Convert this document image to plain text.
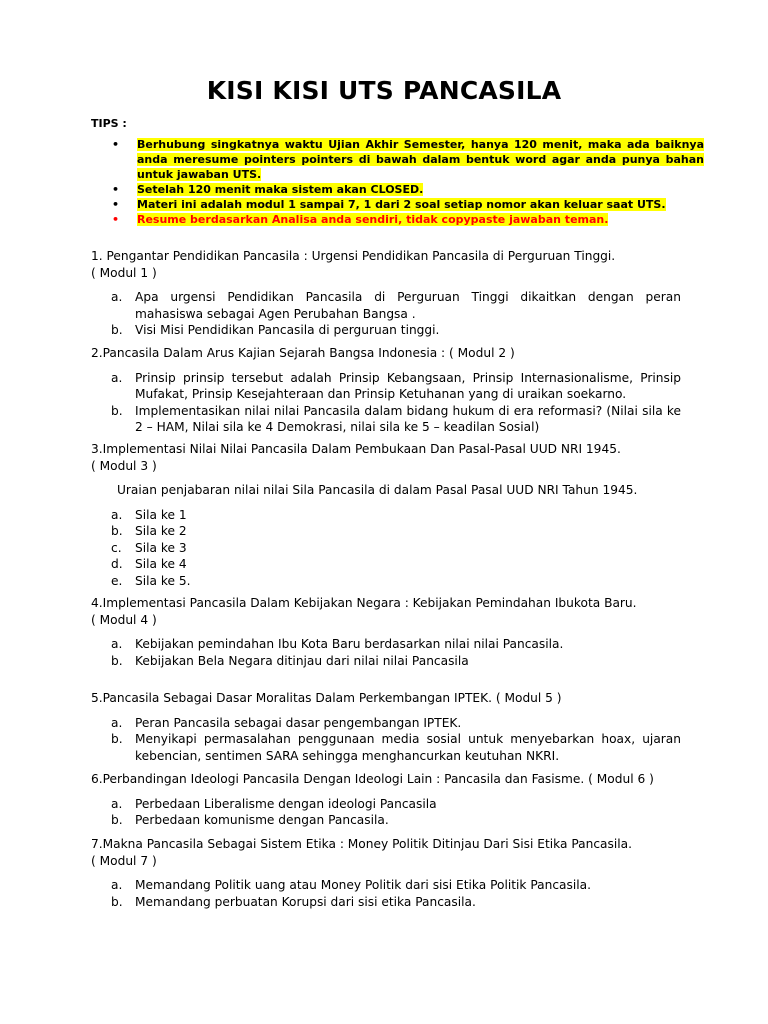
KISI KISI UTS PANCASILA
TIPS :
• Berhubung singkatnya waktu Ujian Akhir Semester, hanya 120 menit, maka ada baiknya anda meresume pointers pointers di bawah dalam bentuk word agar anda punya bahan untuk jawaban UTS.
• Setelah 120 menit maka sistem akan CLOSED.
• Materi ini adalah modul 1 sampai 7, 1 dari 2 soal setiap nomor akan keluar saat UTS.
• Resume berdasarkan Analisa anda sendiri, tidak copypaste jawaban teman.
1. Pengantar Pendidikan Pancasila : Urgensi Pendidikan Pancasila di Perguruan Tinggi.
( Modul 1 )
a. Apa urgensi Pendidikan Pancasila di Perguruan Tinggi dikaitkan dengan peran mahasiswa sebagai Agen Perubahan Bangsa .
b. Visi Misi Pendidikan Pancasila di perguruan tinggi.
2.Pancasila Dalam Arus Kajian Sejarah Bangsa Indonesia : ( Modul 2 )
a. Prinsip prinsip tersebut adalah Prinsip Kebangsaan, Prinsip Internasionalisme, Prinsip Mufakat, Prinsip Kesejahteraan dan Prinsip Ketuhanan yang di uraikan soekarno.
b. Implementasikan nilai nilai Pancasila dalam bidang hukum di era reformasi? (Nilai sila ke 2 – HAM, Nilai sila ke 4 Demokrasi, nilai sila ke 5 – keadilan Sosial)
3.Implementasi Nilai Nilai Pancasila Dalam Pembukaan Dan Pasal-Pasal UUD NRI 1945.
( Modul 3 )
Uraian penjabaran nilai nilai Sila Pancasila di dalam Pasal Pasal UUD NRI Tahun 1945.
a. Sila ke 1
b. Sila ke 2
c. Sila ke 3
d. Sila ke 4
e. Sila ke 5.
4.Implementasi Pancasila Dalam Kebijakan Negara : Kebijakan Pemindahan Ibukota Baru.
( Modul 4 )
a. Kebijakan pemindahan Ibu Kota Baru berdasarkan nilai nilai Pancasila.
b. Kebijakan Bela Negara ditinjau dari nilai nilai Pancasila
5.Pancasila Sebagai Dasar Moralitas Dalam Perkembangan IPTEK. ( Modul 5 )
a. Peran Pancasila sebagai dasar pengembangan IPTEK.
b. Menyikapi permasalahan penggunaan media sosial untuk menyebarkan hoax, ujaran kebencian, sentimen SARA sehingga menghancurkan keutuhan NKRI.
6.Perbandingan Ideologi Pancasila Dengan Ideologi Lain : Pancasila dan Fasisme. ( Modul 6 )
a. Perbedaan Liberalisme dengan ideologi Pancasila
b. Perbedaan komunisme dengan Pancasila.
7.Makna Pancasila Sebagai Sistem Etika : Money Politik Ditinjau Dari Sisi Etika Pancasila.
( Modul 7 )
a. Memandang Politik uang atau Money Politik dari sisi Etika Politik Pancasila.
b. Memandang perbuatan Korupsi dari sisi etika Pancasila.
